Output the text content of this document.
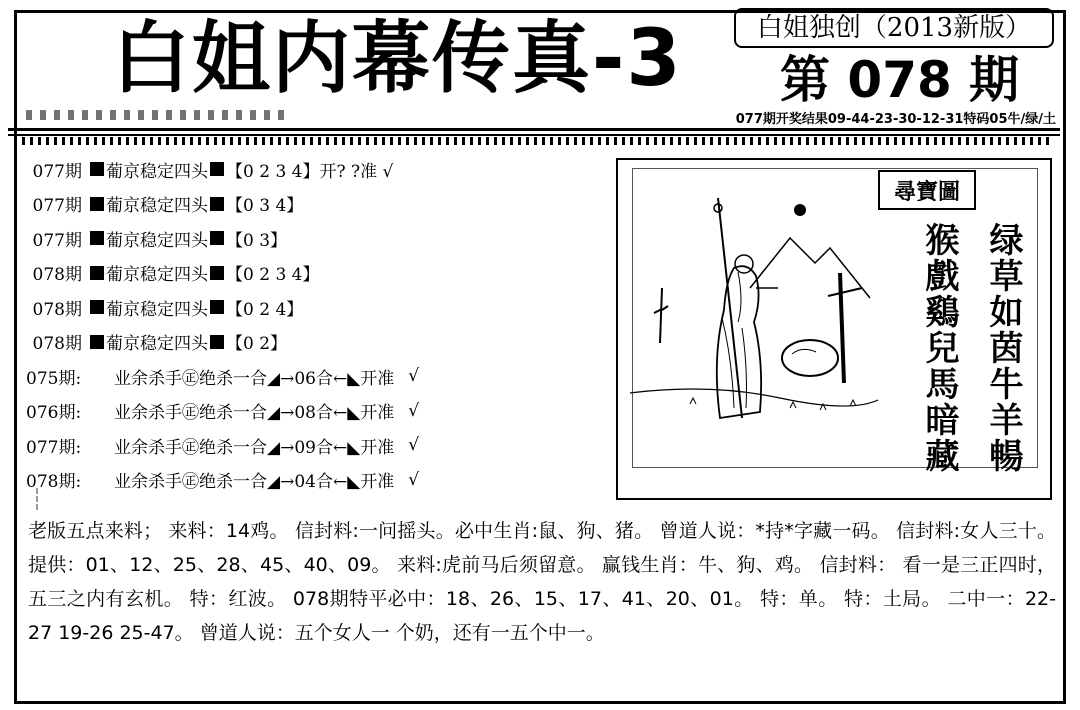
白姐内幕传真-3	白姐独创（2013新版）
第 078 期
077期开奖结果09-44-23-30-12-31特码05牛/绿/土
077期	葡京稳定四头 【0 2 3 4】开? ?准 √
077期	葡京稳定四头 【0 3 4】
077期	葡京稳定四头 【0 3】
078期	葡京稳定四头 【0 2 3 4】
078期	葡京稳定四头 【0 2 4】
078期	葡京稳定四头 【0 2】
075期:	业余杀手㊣绝杀一合◢→06合←◣开准 √
076期:	业余杀手㊣绝杀一合◢→08合←◣开准 √
077期:	业余杀手㊣绝杀一合◢→09合←◣开准 √
078期:	业余杀手㊣绝杀一合◢→04合←◣开准 √
尋寶圖
绿草如茵牛羊暢
猴戲鷄兒馬暗藏
老版五点来料； 来料：14鸡。 信封料:一问摇头。必中生肖:鼠、狗、猪。 曾道人说：*持*字藏一码。 信封料:女人三十。 提供：01、12、25、28、45、40、09。 来料:虎前马后须留意。 赢钱生肖：牛、狗、鸡。 信封料： 看一是三正四时，五三之内有玄机。 特：红波。 078期特平必中：18、26、15、17、41、20、01。 特：单。 特：土局。 二中一：22-27 19-26 25-47。 曾道人说：五个女人一 个奶，还有一五个中一。
